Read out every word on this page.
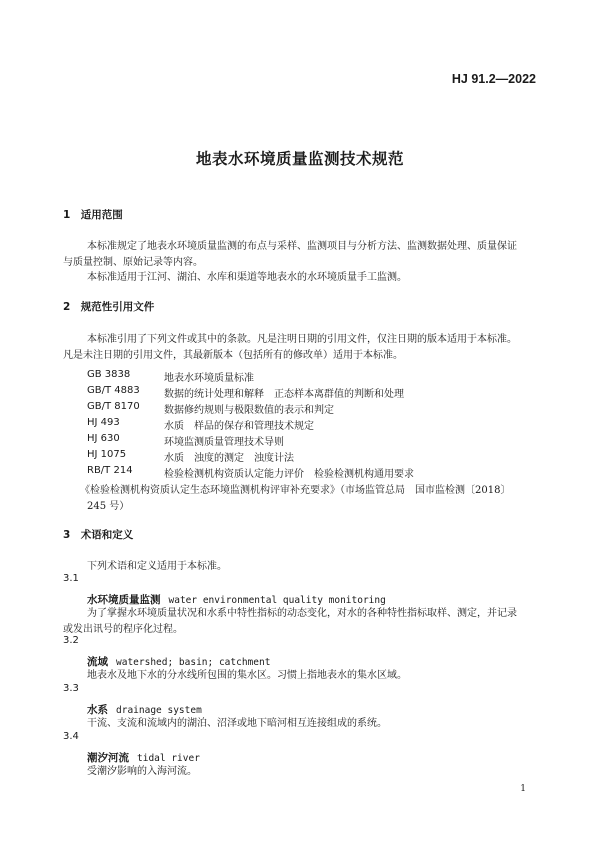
HJ 91.2—2022
地表水环境质量监测技术规范
1　适用范围
本标准规定了地表水环境质量监测的布点与采样、监测项目与分析方法、监测数据处理、质量保证
与质量控制、原始记录等内容。
本标准适用于江河、湖泊、水库和渠道等地表水的水环境质量手工监测。
2　规范性引用文件
本标准引用了下列文件或其中的条款。凡是注明日期的引用文件，仅注日期的版本适用于本标准。
凡是未注日期的引用文件，其最新版本（包括所有的修改单）适用于本标准。
GB 3838	地表水环境质量标准
GB/T 4883 数据的统计处理和解释　正态样本离群值的判断和处理
GB/T 8170 数据修约规则与极限数值的表示和判定
HJ 493	水质　样品的保存和管理技术规定
HJ 630	环境监测质量管理技术导则
HJ 1075	水质　浊度的测定　浊度计法
RB/T 214	检验检测机构资质认定能力评价　检验检测机构通用要求
《检验检测机构资质认定生态环境监测机构评审补充要求》（市场监管总局　国市监检测〔2018〕
245 号）
3　术语和定义
下列术语和定义适用于本标准。
3.1
水环境质量监测 water environmental quality monitoring
为了掌握水环境质量状况和水系中特性指标的动态变化，对水的各种特性指标取样、测定，并记录
或发出讯号的程序化过程。
3.2
流域 watershed; basin; catchment
地表水及地下水的分水线所包围的集水区。习惯上指地表水的集水区域。
3.3
水系 drainage system
干流、支流和流域内的湖泊、沼泽或地下暗河相互连接组成的系统。
3.4
潮汐河流 tidal river
受潮汐影响的入海河流。
1
